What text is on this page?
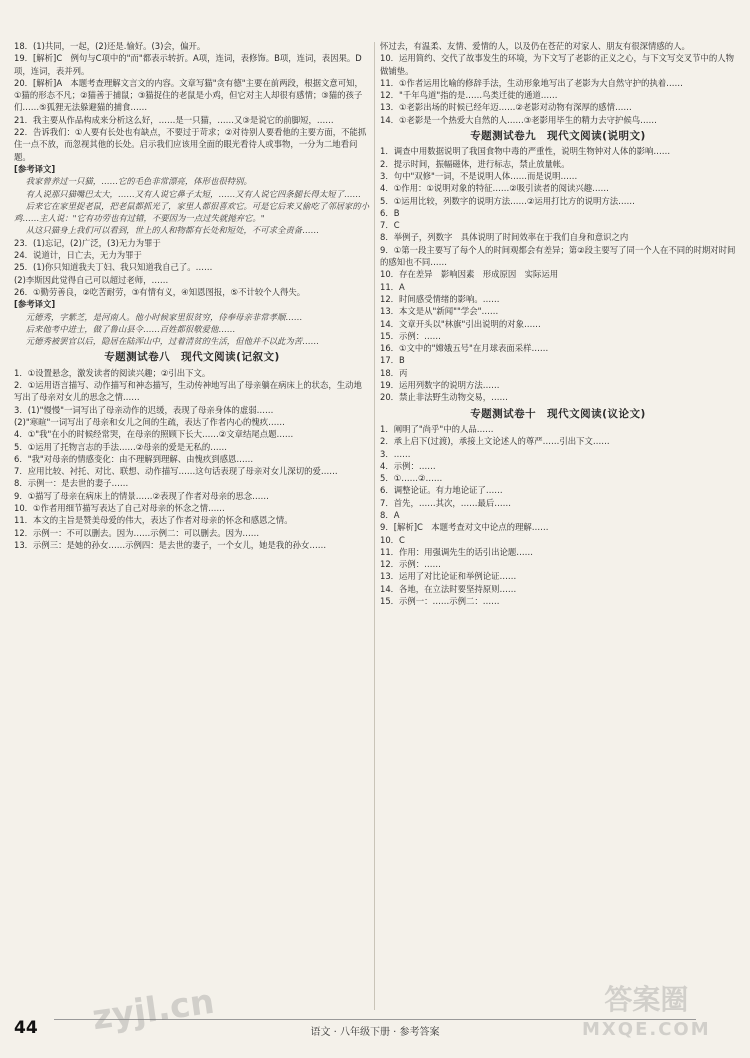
18．(1)共同，一起，(2)还是.愉好。(3)会，偏开。

19．[解析]C　例句与C项中的"而"都表示转折。A项，连词，表修饰。B项，连词，表因果。D项，连词，表并列。

20．[解析]A　本题考查理解文言文的内容。文章写猫"贪有德"主要在前两段，根据文意可知，①猫的形态不凡；②猫善于捕鼠；③猫捉住的老鼠是小鸡，但它对主人却很有感情；③猫的孩子们……⑤狐狸无法躲避猫的捕食……

21．我主要从作品构成来分析这么好，……是一只猫，……又③是说它的前脚短，……

22．告诉我们：①人要有长处也有缺点，不要过于苛求；②对待别人要看他的主要方面，不能抓住一点不放，而忽视其他的长处。启示我们应该用全面的眼光看待人或事物，一分为二地看问题。

[参考译文]

我家曾养过一只猫，……它的毛色非常漂亮，体形也很特别。

有人说那只猫嘴巴太大，……又有人说它鼻子太短，……又有人说它四条腿长得太短了……

后来它在家里捉老鼠，把老鼠都抓光了，家里人都很喜欢它。可是它后来又偷吃了邻居家的小鸡……主人说："它有功劳也有过错，不要因为一点过失就抛弃它。"

从这只猫身上我们可以看到，世上的人和物都有长处和短处，不可求全责备……

23．(1)忘记，(2)广泛，(3)无力为罪于

24．说道计，日亡去，无力为罪于

25．(1)你只知道我夫丁妇、我只知道我自己了。……

(2)李斯因此觉得自己可以超过老师，……

26．①勤劳善良，②吃苦耐劳，③有情有义，④知恩图报，⑤不计较个人得失。

[参考译文]

元德秀，字紫芝，是河南人。他小时候家里很贫穷，侍奉母亲非常孝顺……

后来他考中进士，做了鲁山县令……百姓都很敬爱他……

元德秀被罢官以后，隐居在陆浑山中，过着清贫的生活，但他并不以此为苦……

专题测试卷八　现代文阅读(记叙文)

1．①设置悬念，激发读者的阅读兴趣；②引出下文。

2．①运用语言描写、动作描写和神态描写，生动传神地写出了母亲躺在病床上的状态，生动地写出了母亲对女儿的思念之情……

3．(1)"慢慢"一词写出了母亲动作的迟缓，表现了母亲身体的虚弱……

(2)"寒暄"一词写出了母亲和女儿之间的生疏，表达了作者内心的愧疚……

4．①"我"在小的时候经常哭，在母亲的照顾下长大……②文章结尾点题……

5．①运用了托物言志的手法……②母亲的爱是无私的……

6．"我"对母亲的情感变化：由不理解到理解、由愧疚到感恩……

7．应用比较、衬托、对比、联想、动作描写……这句话表现了母亲对女儿深切的爱……

8．示例一：是去世的妻子……

9．①描写了母亲在病床上的情景……②表现了作者对母亲的思念……

10．①作者用细节描写表达了自己对母亲的怀念之情……

11．本文的主旨是赞美母爱的伟大，表达了作者对母亲的怀念和感恩之情。

12．示例一：不可以删去。因为……示例二：可以删去。因为……

13．示例三：是她的孙女……示例四：是去世的妻子，一个女儿，她是我的孙女……

怀过去，有温柔、友情、爱情的人，以及仍在苍茫的对家人、朋友有很深情感的人。

10．运用简约、交代了故事发生的环境，为下文写了老影的正义之心，与下文写交叉节中的人物做铺垫。

11．①作者运用比喻的修辞手法，生动形象地写出了老影为大自然守护的执着……

12．"千年鸟道"指的是……鸟类迁徙的通道……

13．①老影出场的时候已经年迈……②老影对动物有深厚的感情……

14．①老影是一个热爱大自然的人……③老影用毕生的精力去守护候鸟……

专题测试卷九　现代文阅读(说明文)

1．调查中用数据说明了我国食物中毒的严重性，说明生物钟对人体的影响……

2．提示时间，振幅磁体，进行标志，禁止放量帐。

3．句中"双修"一词，不是说明人体……而是说明……

4．①作用：①说明对象的特征……②吸引读者的阅读兴趣……

5．①运用比较，列数字的说明方法……②运用打比方的说明方法……

6．B

7．C

8．举例子，列数字　具体说明了时间效率在于我们自身和意识之内

9．①第一段主要写了每个人的时间观都会有差异；第②段主要写了同一个人在不同的时期对时间的感知也不同……

10．存在差异　影响因素　形成原因　实际运用

11．A

12．时间感受情绪的影响。……

13．本文是从"新闻""学会"……

14．文章开头以"林旗"引出说明的对象……

15．示例：……

16．①文中的"嫦娥五号"在月球表面采样……

17．B

18．丙

19．运用列数字的说明方法……

20．禁止非法野生动物交易，……

专题测试卷十　现代文阅读(议论文)

1．阐明了"尚乎"中的人品……

2．承上启下(过渡)，承接上文论述人的尊严……引出下文……

3．……

4．示例：……

5．①……②……

6．调整论证。有力地论证了……

7．首先，……其次，……最后……

8．A

9．[解析]C　本题考查对文中论点的理解……

10．C

11．作用：用强调先生的话引出论题……

12．示例：……

13．运用了对比论证和举例论证……

14．各地，在立法时要坚持原则……

15．示例一：……示例二：……

44	语文 · 八年级下册 · 参考答案
zyjl.cn	答案圈
MXQE.COM
